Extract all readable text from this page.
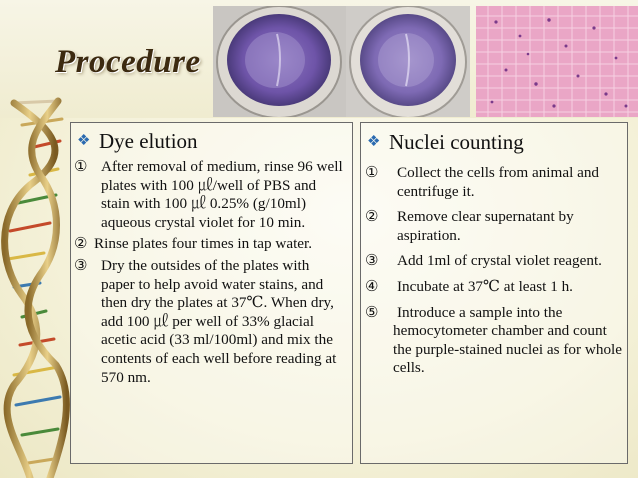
Procedure
❖ Dye elution
① After removal of medium, rinse 96 well plates with 100 ㎕/well of PBS and stain with 100 ㎕ 0.25% (g/10ml) aqueous crystal violet for 10 min.
② Rinse plates four times in tap water.
③ Dry the outsides of the plates with paper to help avoid water stains, and then dry the plates at 37℃. When dry, add 100 ㎕ per well of 33% glacial acetic acid (33 ml/100ml) and mix the contents of each well before reading at 570 nm.
❖ Nuclei counting
①	Collect the cells from animal and centrifuge it.
②	Remove clear supernatant by aspiration.
③	Add 1ml of crystal violet reagent.
④	Incubate at 37℃ at least 1 h.
⑤	Introduce a sample into the
hemocytometer chamber and count the purple-stained nuclei as for whole cells.
